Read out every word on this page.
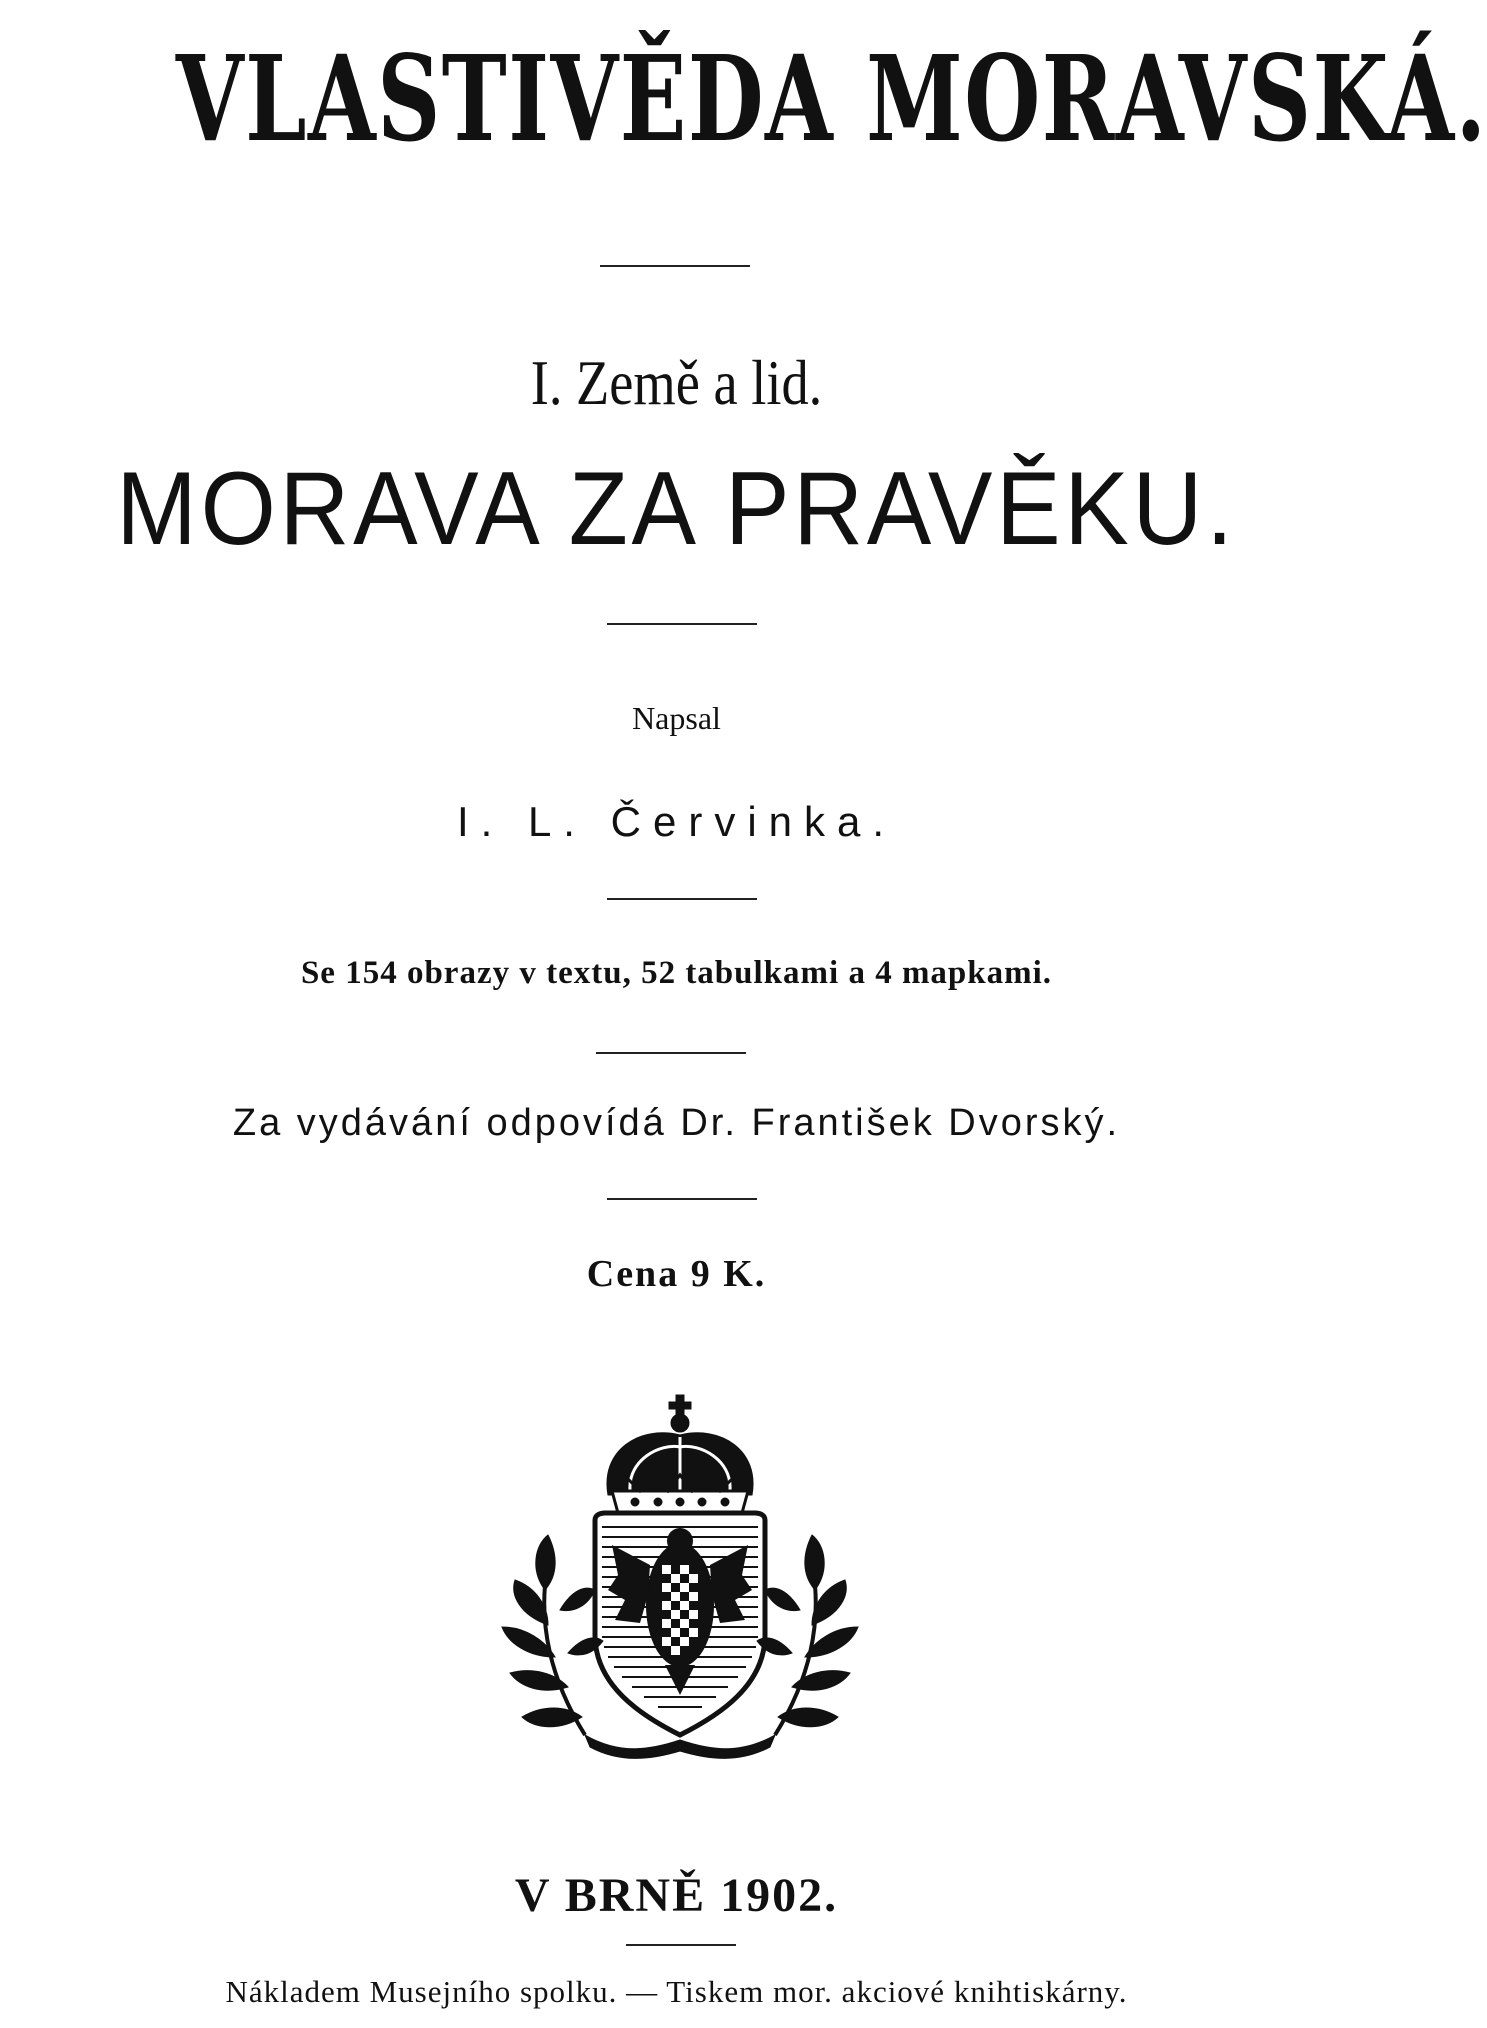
VLASTIVĚDA MORAVSKÁ.
I. Země a lid.
MORAVA ZA PRAVĚKU.
Napsal
I. L. Červinka.
Se 154 obrazy v textu, 52 tabulkami a 4 mapkami.
Za vydávání odpovídá Dr. František Dvorský.
Cena 9 K.
V BRNĚ 1902.
Nákladem Musejního spolku. — Tiskem mor. akciové knihtiskárny.
